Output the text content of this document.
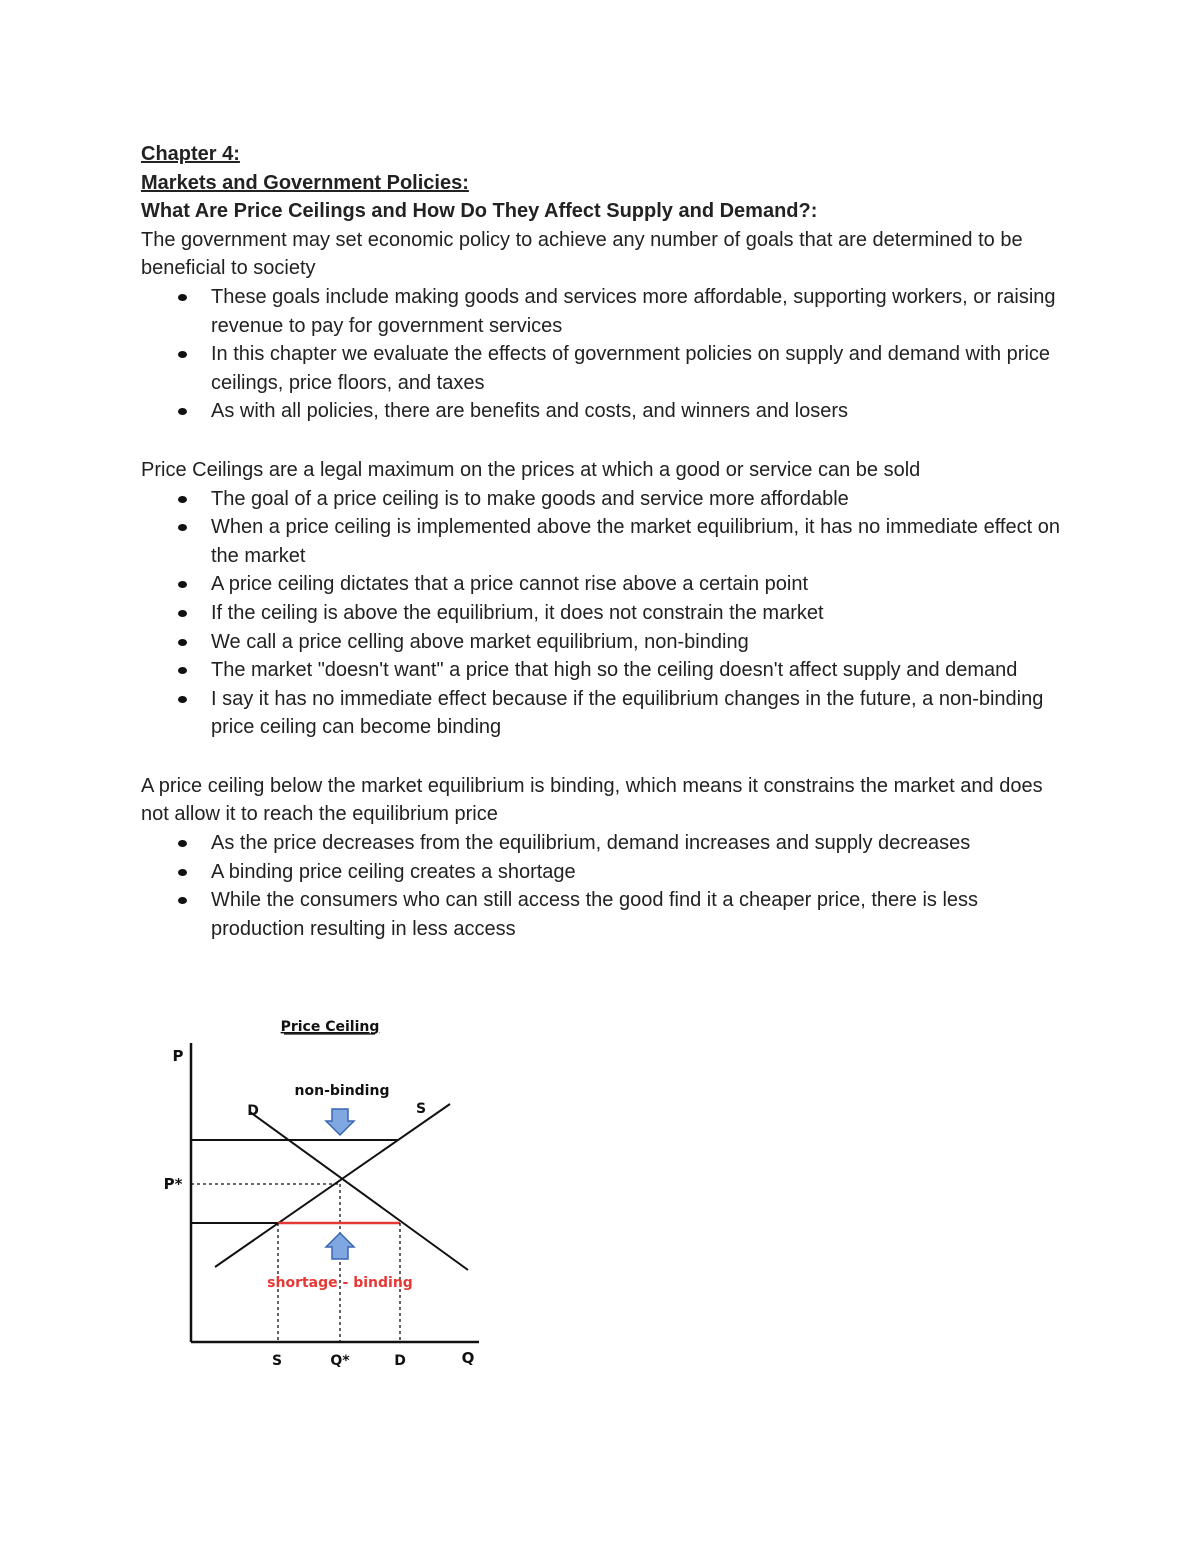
Chapter 4:

Markets and Government Policies:

What Are Price Ceilings and How Do They Affect Supply and Demand?:

The government may set economic policy to achieve any number of goals that are determined to be beneficial to society

These goals include making goods and services more affordable, supporting workers, or raising revenue to pay for government services
In this chapter we evaluate the effects of government policies on supply and demand with price ceilings, price floors, and taxes
As with all policies, there are benefits and costs, and winners and losers

Price Ceilings are a legal maximum on the prices at which a good or service can be sold

The goal of a price ceiling is to make goods and service more affordable
When a price ceiling is implemented above the market equilibrium, it has no immediate effect on the market
A price ceiling dictates that a price cannot rise above a certain point
If the ceiling is above the equilibrium, it does not constrain the market
We call a price celling above market equilibrium, non-binding
The market "doesn't want" a price that high so the ceiling doesn't affect supply and demand
I say it has no immediate effect because if the equilibrium changes in the future, a non-binding price ceiling can become binding

A price ceiling below the market equilibrium is binding, which means it constrains the market and does not allow it to reach the equilibrium price

As the price decreases from the equilibrium, demand increases and supply decreases
A binding price ceiling creates a shortage
While the consumers who can still access the good find it a cheaper price, there is less production resulting in less access
Price Ceiling
P
Q
D	S
non-binding
P*
shortage - binding
S	Q*	D
